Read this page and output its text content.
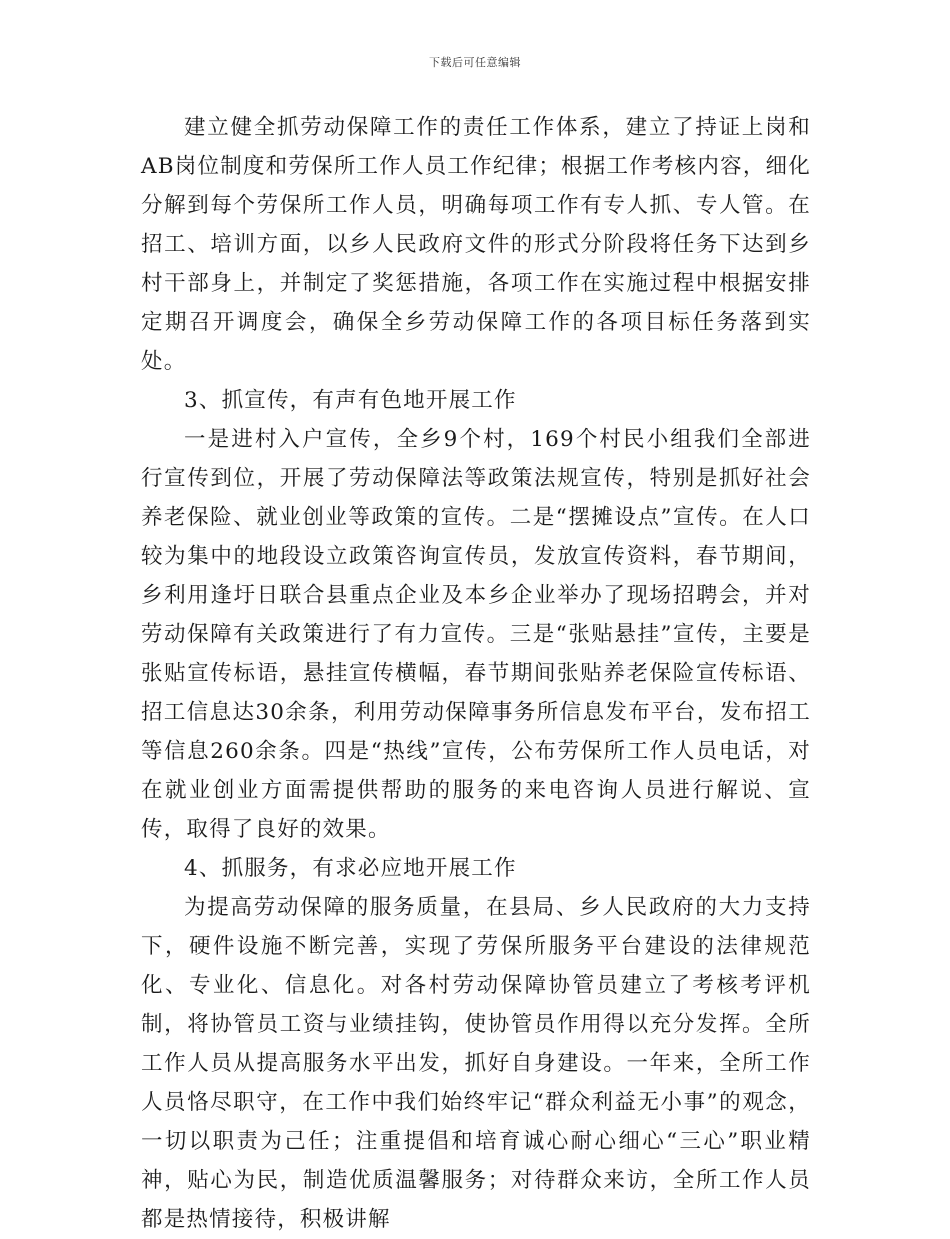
下载后可任意编辑

建立健全抓劳动保障工作的责任工作体系，建立了持证上岗和AB岗位制度和劳保所工作人员工作纪律；根据工作考核内容，细化分解到每个劳保所工作人员，明确每项工作有专人抓、专人管。在招工、培训方面，以乡人民政府文件的形式分阶段将任务下达到乡村干部身上，并制定了奖惩措施，各项工作在实施过程中根据安排定期召开调度会，确保全乡劳动保障工作的各项目标任务落到实处。

3、抓宣传，有声有色地开展工作

一是进村入户宣传，全乡9个村，169个村民小组我们全部进行宣传到位，开展了劳动保障法等政策法规宣传，特别是抓好社会养老保险、就业创业等政策的宣传。二是“摆摊设点”宣传。在人口较为集中的地段设立政策咨询宣传员，发放宣传资料，春节期间，乡利用逢圩日联合县重点企业及本乡企业举办了现场招聘会，并对劳动保障有关政策进行了有力宣传。三是“张贴悬挂”宣传，主要是张贴宣传标语，悬挂宣传横幅，春节期间张贴养老保险宣传标语、招工信息达30余条，利用劳动保障事务所信息发布平台，发布招工等信息260余条。四是“热线”宣传，公布劳保所工作人员电话，对在就业创业方面需提供帮助的服务的来电咨询人员进行解说、宣传，取得了良好的效果。

4、抓服务，有求必应地开展工作

为提高劳动保障的服务质量，在县局、乡人民政府的大力支持下，硬件设施不断完善，实现了劳保所服务平台建设的法律规范化、专业化、信息化。对各村劳动保障协管员建立了考核考评机制，将协管员工资与业绩挂钩，使协管员作用得以充分发挥。全所工作人员从提高服务水平出发，抓好自身建设。一年来，全所工作人员恪尽职守，在工作中我们始终牢记“群众利益无小事”的观念，一切以职责为己任；注重提倡和培育诚心耐心细心“三心”职业精神，贴心为民，制造优质温馨服务；对待群众来访，全所工作人员都是热情接待，积极讲解
